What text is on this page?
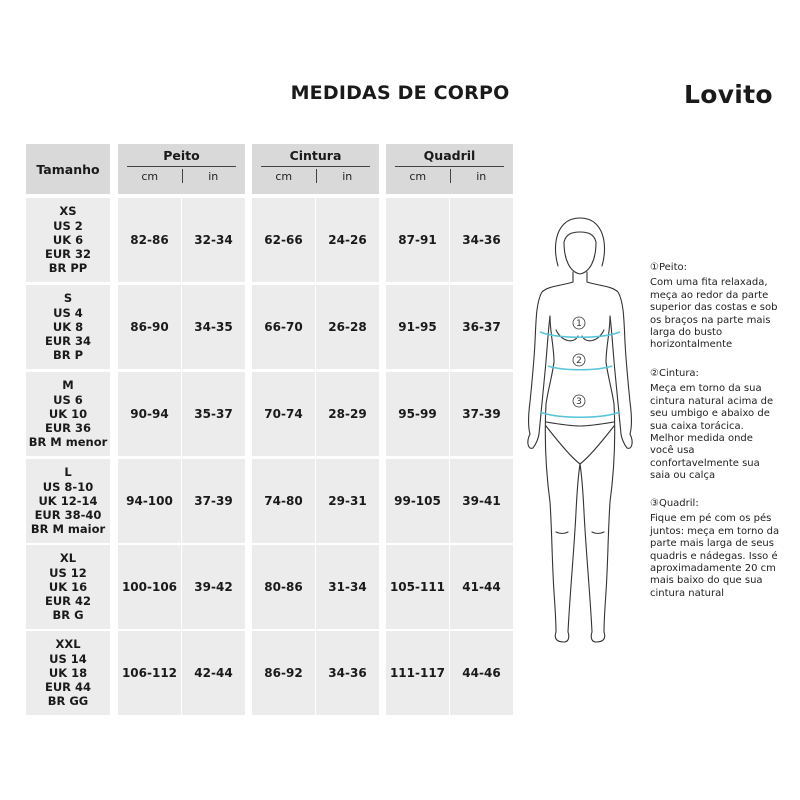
MEDIDAS DE CORPO	Lovito
Tamanho
Peito
cm	in
Cintura
cm	in
Quadril
cm	in
XS
US 2
UK 6
EUR 32
BR PP
82-86	32-34	62-66	24-26	87-91	34-36
S
US 4
UK 8
EUR 34
BR P
86-90	34-35	66-70	26-28	91-95	36-37
M
US 6
UK 10
EUR 36
BR M menor
90-94	35-37	70-74	28-29	95-99	37-39
L
US 8-10
UK 12-14
EUR 38-40
BR M maior
94-100	37-39	74-80	29-31	99-105	39-41
XL
US 12
UK 16
EUR 42
BR G
100-106	39-42	80-86	31-34	105-111	41-44
XXL
US 14
UK 18
EUR 44
BR GG
106-112	42-44	86-92	34-36	111-117	44-46
1
2
3
①Peito:
Com uma fita relaxada,
meça ao redor da parte
superior das costas e sob
os braços na parte mais
larga do busto
horizontalmente
②Cintura:
Meça em torno da sua
cintura natural acima de
seu umbigo e abaixo de
sua caixa torácica.
Melhor medida onde
você usa
confortavelmente sua
saia ou calça
③Quadril:
Fique em pé com os pés
juntos: meça em torno da
parte mais larga de seus
quadris e nádegas. Isso é
aproximadamente 20 cm
mais baixo do que sua
cintura natural
